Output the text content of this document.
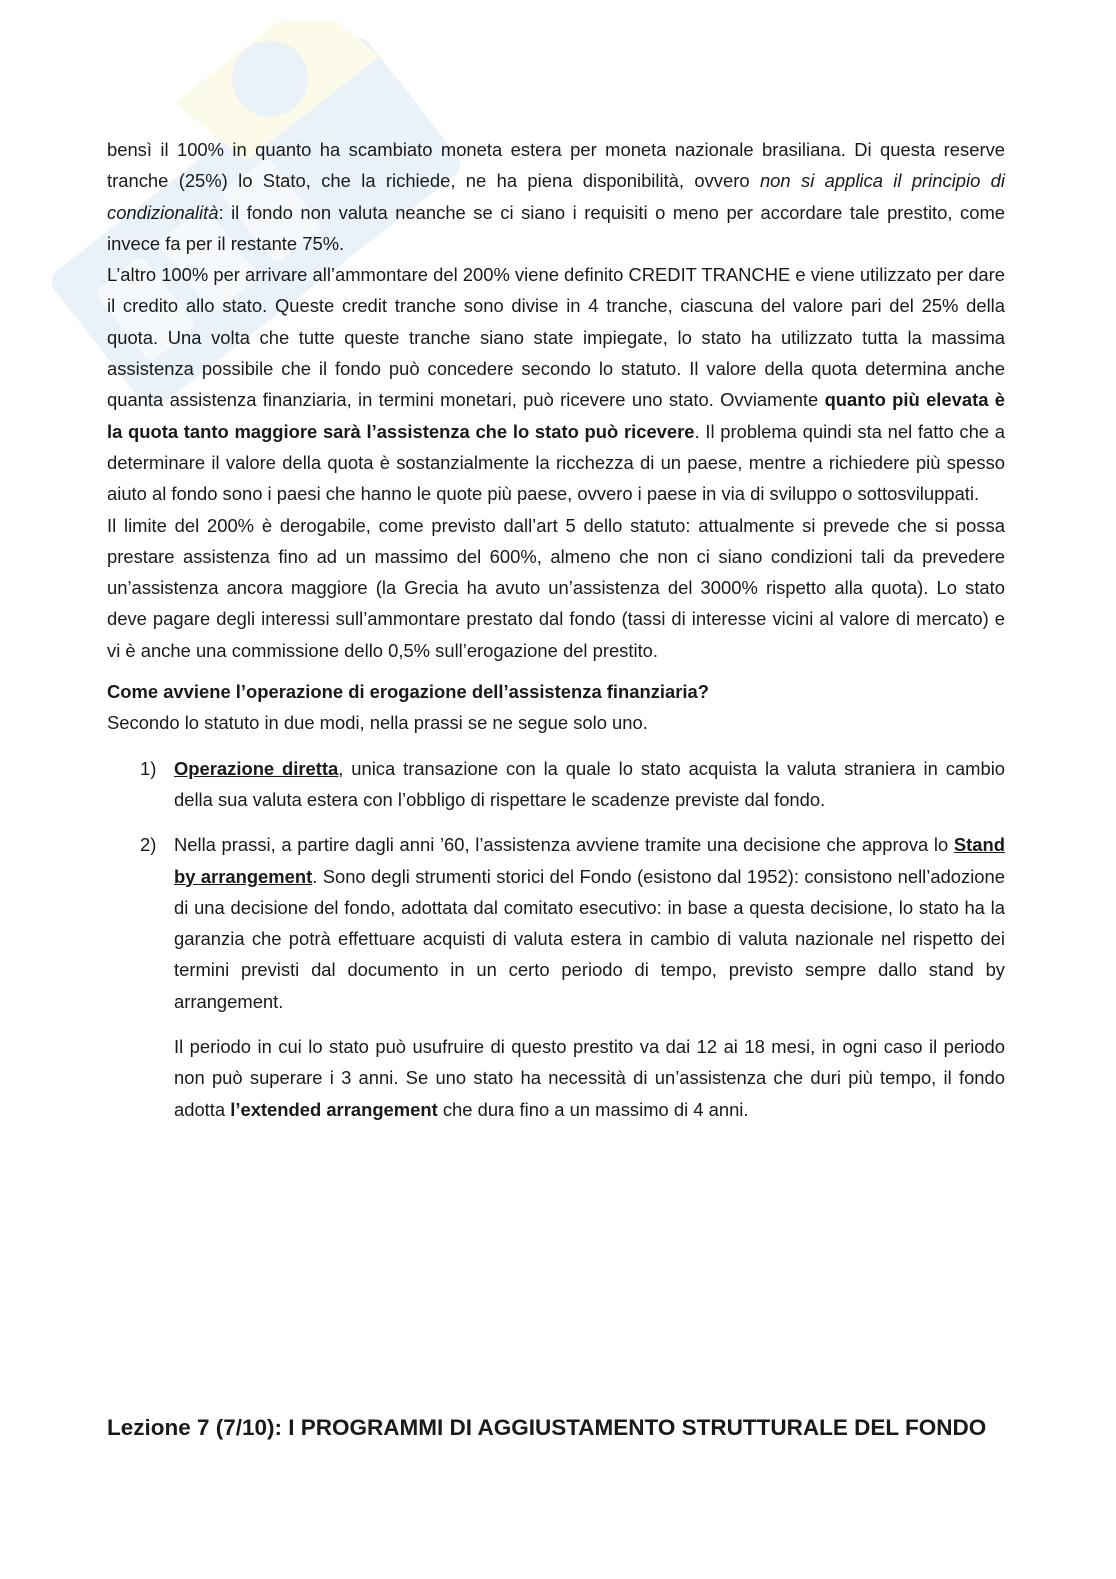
bensì il 100% in quanto ha scambiato moneta estera per moneta nazionale brasiliana. Di questa reserve tranche (25%) lo Stato, che la richiede, ne ha piena disponibilità, ovvero non si applica il principio di condizionalità: il fondo non valuta neanche se ci siano i requisiti o meno per accordare tale prestito, come invece fa per il restante 75%.

L’altro 100% per arrivare all’ammontare del 200% viene definito CREDIT TRANCHE e viene utilizzato per dare il credito allo stato. Queste credit tranche sono divise in 4 tranche, ciascuna del valore pari del 25% della quota. Una volta che tutte queste tranche siano state impiegate, lo stato ha utilizzato tutta la massima assistenza possibile che il fondo può concedere secondo lo statuto. Il valore della quota determina anche quanta assistenza finanziaria, in termini monetari, può ricevere uno stato. Ovviamente quanto più elevata è la quota tanto maggiore sarà l’assistenza che lo stato può ricevere. Il problema quindi sta nel fatto che a determinare il valore della quota è sostanzialmente la ricchezza di un paese, mentre a richiedere più spesso aiuto al fondo sono i paesi che hanno le quote più paese, ovvero i paese in via di sviluppo o sottosviluppati.

Il limite del 200% è derogabile, come previsto dall’art 5 dello statuto: attualmente si prevede che si possa prestare assistenza fino ad un massimo del 600%, almeno che non ci siano condizioni tali da prevedere un’assistenza ancora maggiore (la Grecia ha avuto un’assistenza del 3000% rispetto alla quota). Lo stato deve pagare degli interessi sull’ammontare prestato dal fondo (tassi di interesse vicini al valore di mercato) e vi è anche una commissione dello 0,5% sull’erogazione del prestito.

Come avviene l’operazione di erogazione dell’assistenza finanziaria?

Secondo lo statuto in due modi, nella prassi se ne segue solo uno.

1) Operazione diretta, unica transazione con la quale lo stato acquista la valuta straniera in cambio della sua valuta estera con l’obbligo di rispettare le scadenze previste dal fondo.

2) Nella prassi, a partire dagli anni ’60, l’assistenza avviene tramite una decisione che approva lo Stand by arrangement. Sono degli strumenti storici del Fondo (esistono dal 1952): consistono nell’adozione di una decisione del fondo, adottata dal comitato esecutivo: in base a questa decisione, lo stato ha la garanzia che potrà effettuare acquisti di valuta estera in cambio di valuta nazionale nel rispetto dei termini previsti dal documento in un certo periodo di tempo, previsto sempre dallo stand by arrangement.

Il periodo in cui lo stato può usufruire di questo prestito va dai 12 ai 18 mesi, in ogni caso il periodo non può superare i 3 anni. Se uno stato ha necessità di un’assistenza che duri più tempo, il fondo adotta l’extended arrangement che dura fino a un massimo di 4 anni.

Lezione 7 (7/10): I PROGRAMMI DI AGGIUSTAMENTO STRUTTURALE DEL FONDO
